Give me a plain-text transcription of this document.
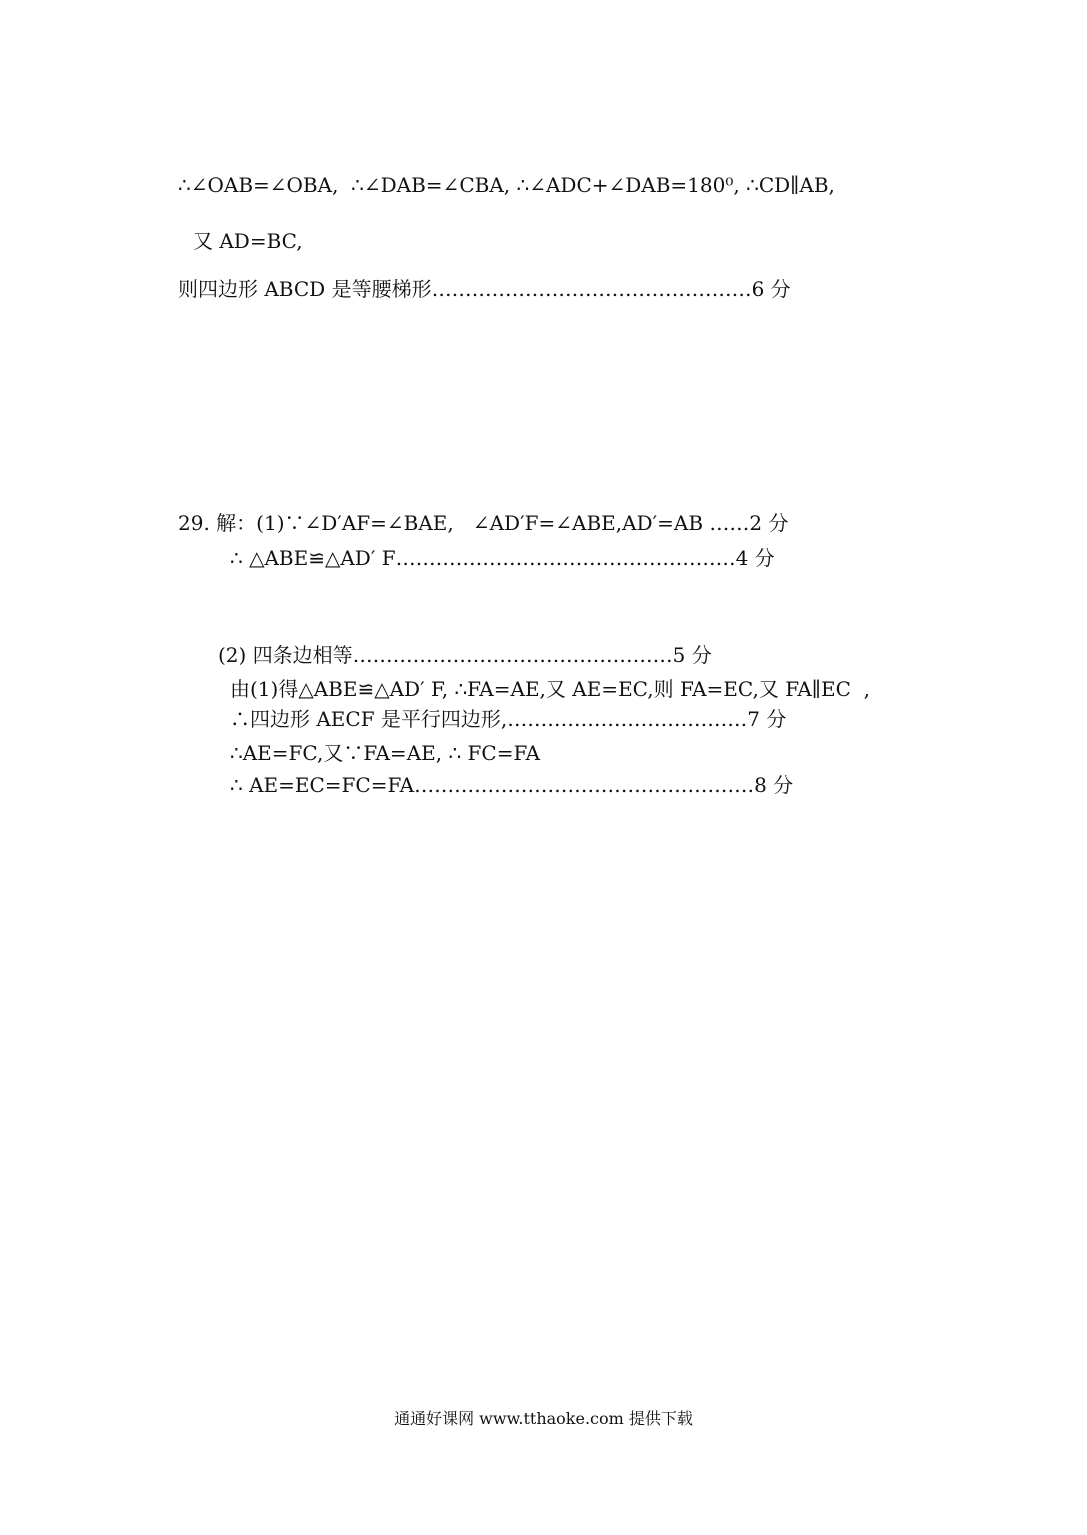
∴∠OAB=∠OBA,  ∴∠DAB=∠CBA, ∴∠ADC+∠DAB=180⁰, ∴CD∥AB,
又 AD=BC,
则四边形 ABCD 是等腰梯形…………………………………………6 分
29. 解：(1)∵∠D′AF=∠BAE,   ∠AD′F=∠ABE,AD′=AB ……2 分
∴ △ABE≌△AD′ F……………………………………………4 分
(2) 四条边相等…………………………………………5 分
由(1)得△ABE≌△AD′ F, ∴FA=AE,又 AE=EC,则 FA=EC,又 FA∥EC  ,
∴四边形 AECF 是平行四边形,………………………………7 分
∴AE=FC,又∵FA=AE, ∴ FC=FA
∴ AE=EC=FC=FA……………………………………………8 分
通通好课网 www.tthaoke.com 提供下载
